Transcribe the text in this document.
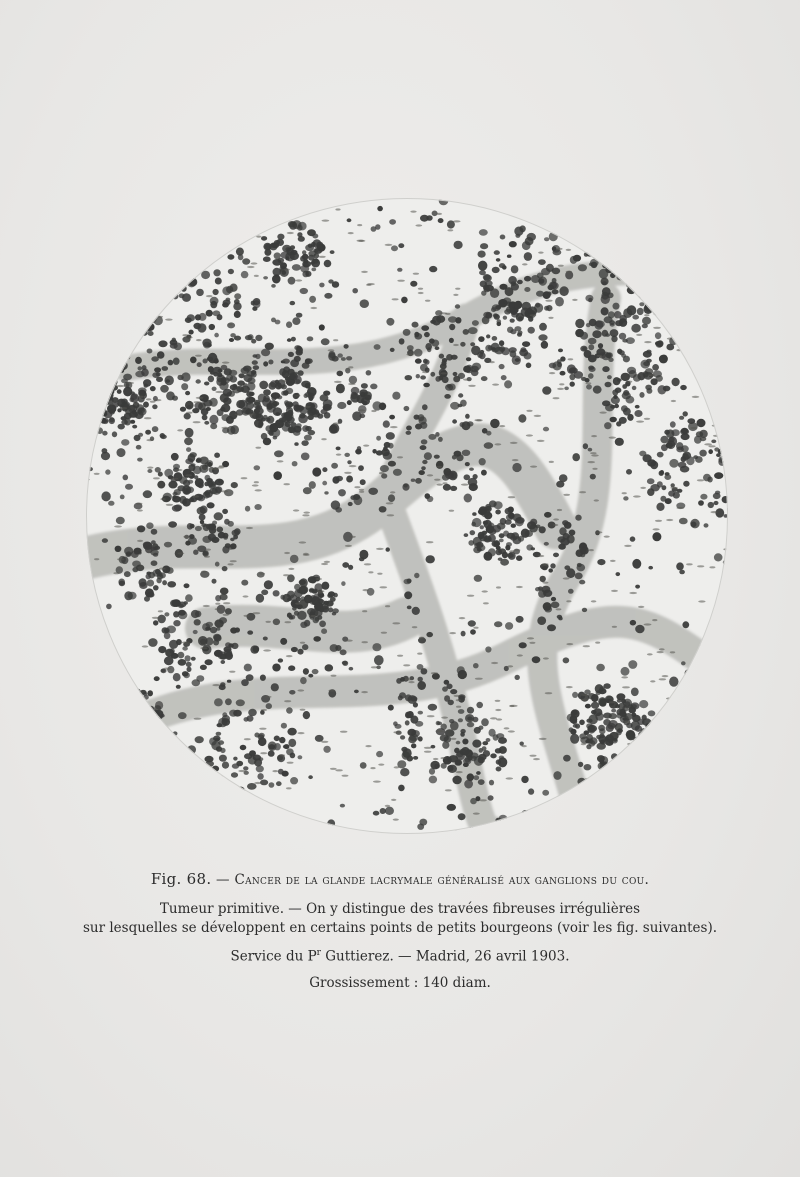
Fig. 68. — Cancer de la glande lacrymale généralisé aux ganglions du cou.

Tumeur primitive. — On y distingue des travées fibreuses irrégulières

sur lesquelles se développent en certains points de petits bourgeons (voir les fig. suivantes).

Service du $P^r$ Guttierez. — Madrid, 26 avril 1903.

Grossissement : 140 diam.
